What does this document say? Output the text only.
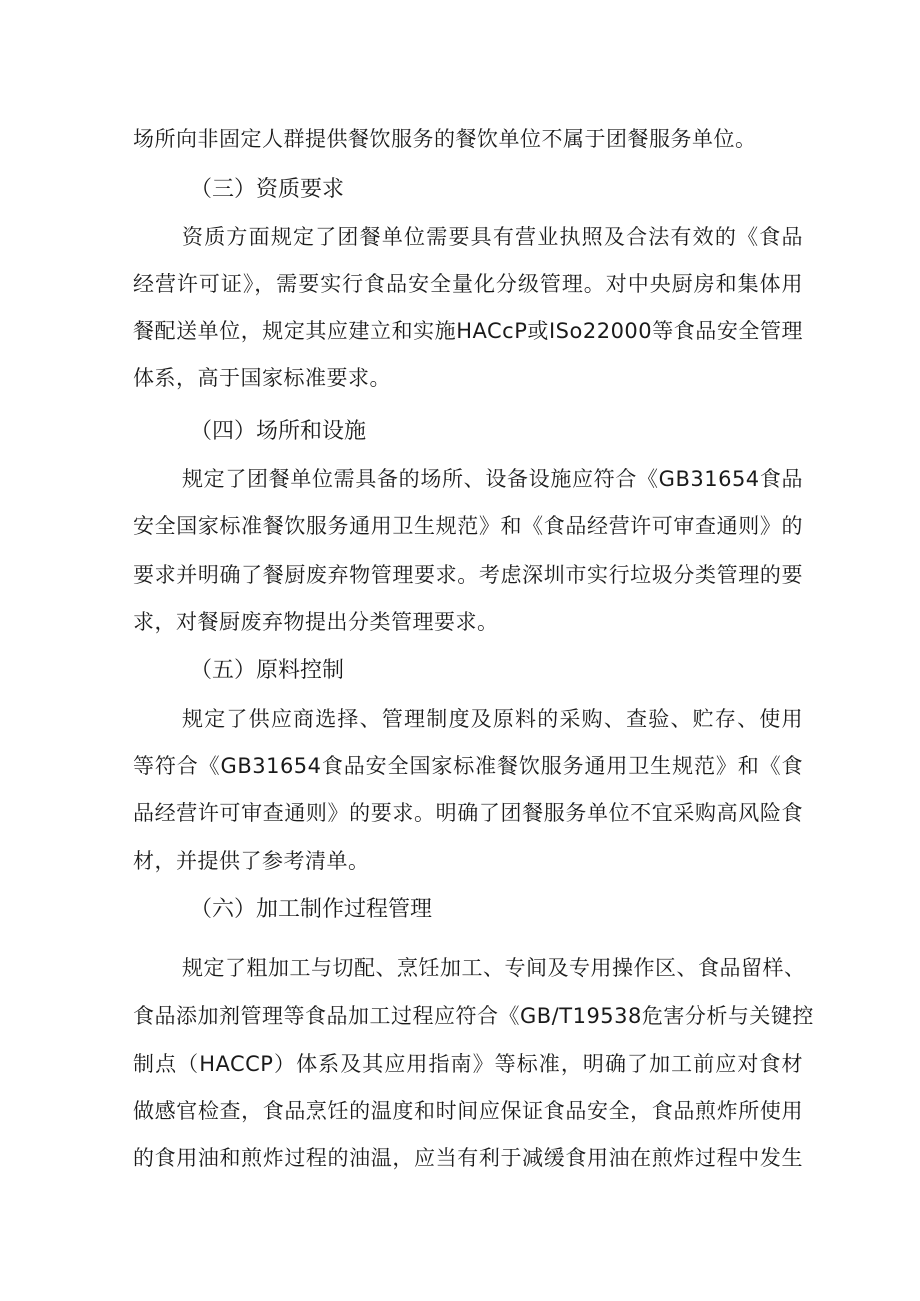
场所向非固定人群提供餐饮服务的餐饮单位不属于团餐服务单位。
（三）资质要求
资质方面规定了团餐单位需要具有营业执照及合法有效的《食品
经营许可证》，需要实行食品安全量化分级管理。对中央厨房和集体用
餐配送单位，规定其应建立和实施HACcP或ISo22000等食品安全管理
体系，高于国家标准要求。
（四）场所和设施
规定了团餐单位需具备的场所、设备设施应符合《GB31654食品
安全国家标准餐饮服务通用卫生规范》和《食品经营许可审查通则》的
要求并明确了餐厨废弃物管理要求。考虑深圳市实行垃圾分类管理的要
求，对餐厨废弃物提出分类管理要求。
（五）原料控制
规定了供应商选择、管理制度及原料的采购、查验、贮存、使用
等符合《GB31654食品安全国家标准餐饮服务通用卫生规范》和《食
品经营许可审查通则》的要求。明确了团餐服务单位不宜采购高风险食
材，并提供了参考清单。
（六）加工制作过程管理
规定了粗加工与切配、烹饪加工、专间及专用操作区、食品留样、
食品添加剂管理等食品加工过程应符合《GB/T19538危害分析与关键控
制点（HACCP）体系及其应用指南》等标准，明确了加工前应对食材
做感官检查，食品烹饪的温度和时间应保证食品安全，食品煎炸所使用
的食用油和煎炸过程的油温，应当有利于减缓食用油在煎炸过程中发生
